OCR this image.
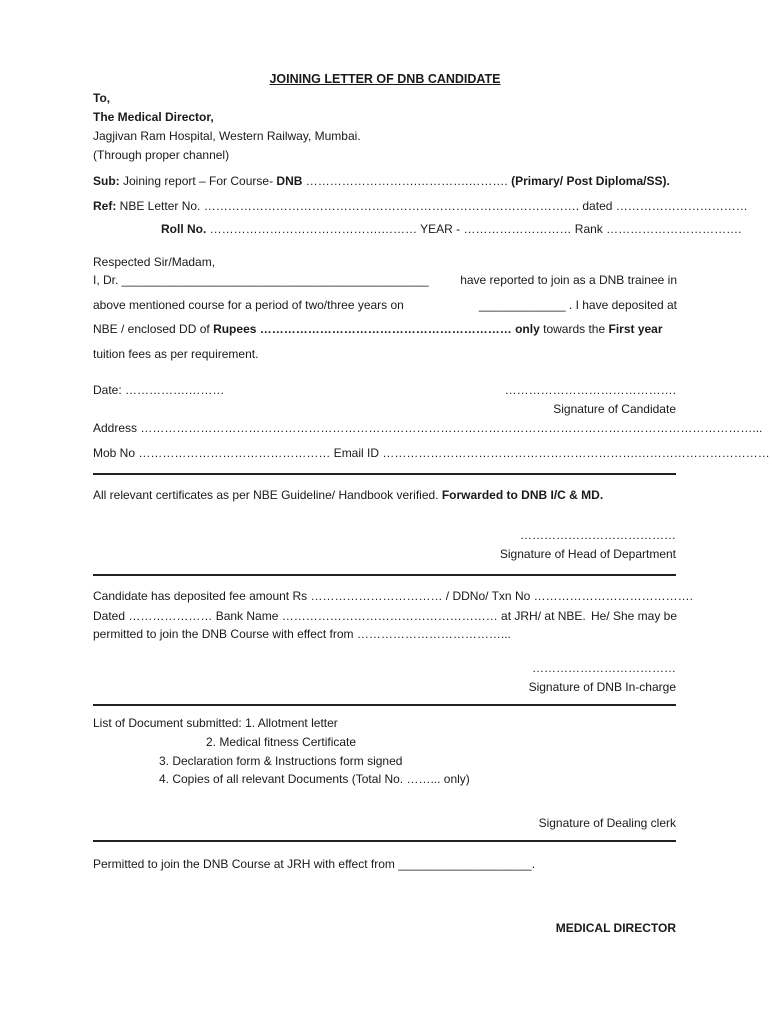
JOINING LETTER OF DNB CANDIDATE
To,
The Medical Director,
Jagjivan Ram Hospital, Western Railway, Mumbai.
(Through proper channel)
Sub: Joining report – For Course- DNB ……………………….………….………. (Primary/ Post Diploma/SS).
Ref: NBE Letter No. …………………………………………………………………………………. dated ……………………………
Roll No. …………………………………….……… YEAR - ……………………… Rank …………………………….
Respected Sir/Madam,
I, Dr. ______________________________________________	have reported to join as a DNB trainee in
above mentioned course for a period of two/three years on	_____________ . I have deposited at
NBE / enclosed DD of Rupees ……………………………………………………… only towards the First year
tuition fees as per requirement.
Date: …………….………	…………………………………….
Signature of Candidate
Address ………………………………………………………………………………………………………………………………………...
Mob No ………………………………………… Email ID ……………………………………………………….……………………………
All relevant certificates as per NBE Guideline/ Handbook verified. Forwarded to DNB I/C & MD.
…………………………………
Signature of Head of Department
Candidate has deposited fee amount Rs …………………………… / DDNo/ Txn No ………………………………….
Dated ………………… Bank Name ……………………………………………… at JRH/ at NBE. He/ She may be
permitted to join the DNB Course with effect from ………………………………...
………………………………
Signature of DNB In-charge
List of Document submitted: 1. Allotment letter
2. Medical fitness Certificate
3. Declaration form & Instructions form signed
4. Copies of all relevant Documents (Total No. ……... only)
Signature of Dealing clerk
Permitted to join the DNB Course at JRH with effect from ____________________.
MEDICAL DIRECTOR
